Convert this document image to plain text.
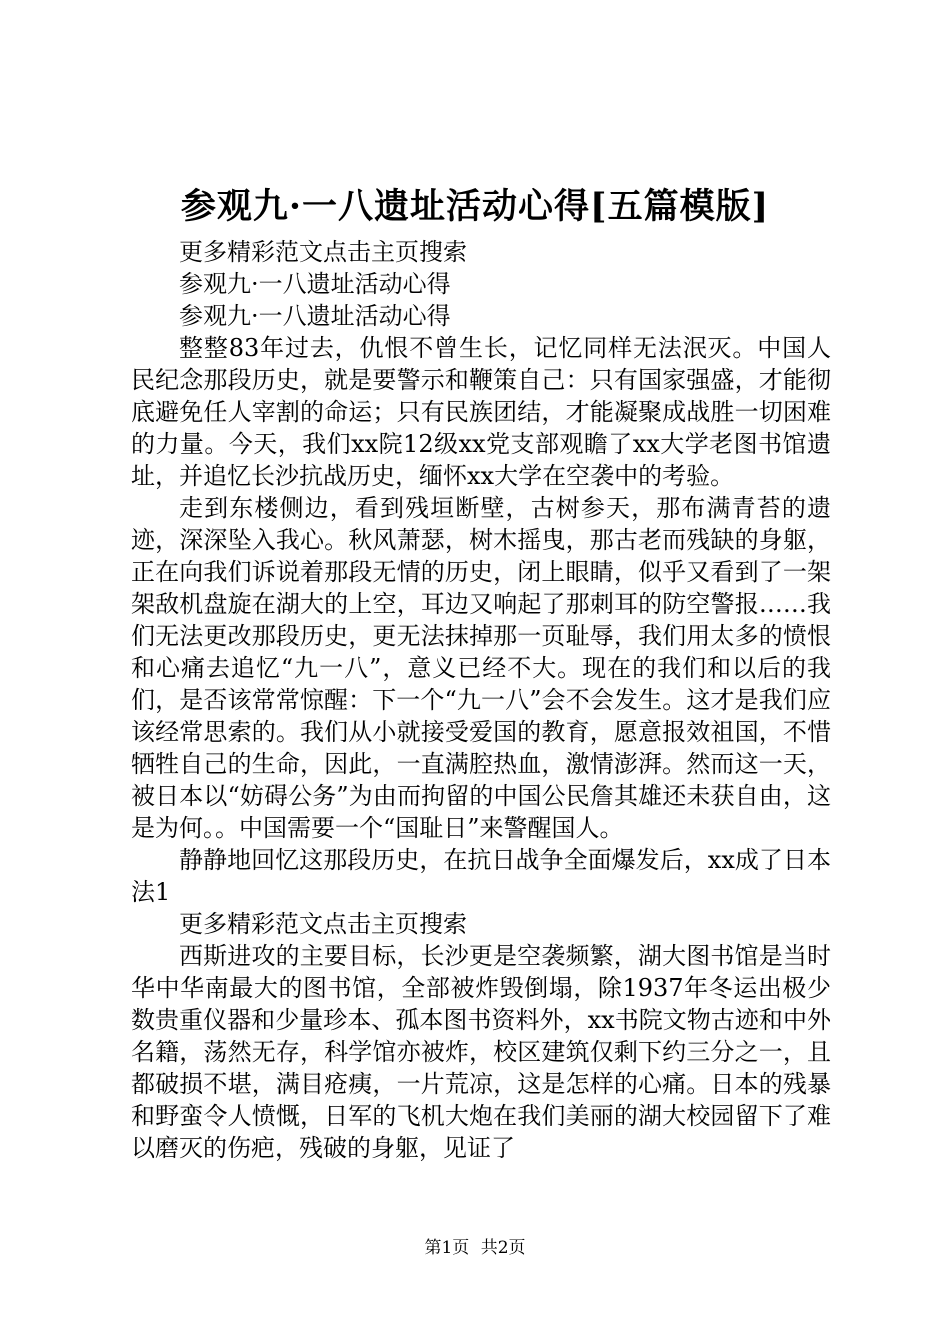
参观九·一八遗址活动心得[五篇模版]

更多精彩范文点击主页搜索

参观九·一八遗址活动心得

参观九·一八遗址活动心得

整整83年过去，仇恨不曾生长，记忆同样无法泯灭。中国人民纪念那段历史，就是要警示和鞭策自己：只有国家强盛，才能彻底避免任人宰割的命运；只有民族团结，才能凝聚成战胜一切困难的力量。今天，我们xx院12级xx党支部观瞻了xx大学老图书馆遗址，并追忆长沙抗战历史，缅怀xx大学在空袭中的考验。

走到东楼侧边，看到残垣断壁，古树参天，那布满青苔的遗迹，深深坠入我心。秋风萧瑟，树木摇曳，那古老而残缺的身躯，正在向我们诉说着那段无情的历史，闭上眼睛，似乎又看到了一架架敌机盘旋在湖大的上空，耳边又响起了那刺耳的防空警报……我们无法更改那段历史，更无法抹掉那一页耻辱，我们用太多的愤恨和心痛去追忆“九一八”，意义已经不大。现在的我们和以后的我们，是否该常常惊醒：下一个“九一八”会不会发生。这才是我们应该经常思索的。我们从小就接受爱国的教育，愿意报效祖国，不惜牺牲自己的生命，因此，一直满腔热血，激情澎湃。然而这一天，被日本以“妨碍公务”为由而拘留的中国公民詹其雄还未获自由，这是为何。。中国需要一个“国耻日”来警醒国人。

静静地回忆这那段历史，在抗日战争全面爆发后，xx成了日本法1

更多精彩范文点击主页搜索

西斯进攻的主要目标，长沙更是空袭频繁，湖大图书馆是当时华中华南最大的图书馆，全部被炸毁倒塌，除1937年冬运出极少数贵重仪器和少量珍本、孤本图书资料外，xx书院文物古迹和中外名籍，荡然无存，科学馆亦被炸，校区建筑仅剩下约三分之一，且都破损不堪，满目疮痍，一片荒凉，这是怎样的心痛。日本的残暴和野蛮令人愤慨，日军的飞机大炮在我们美丽的湖大校园留下了难以磨灭的伤疤，残破的身躯，见证了

第1页 共2页
